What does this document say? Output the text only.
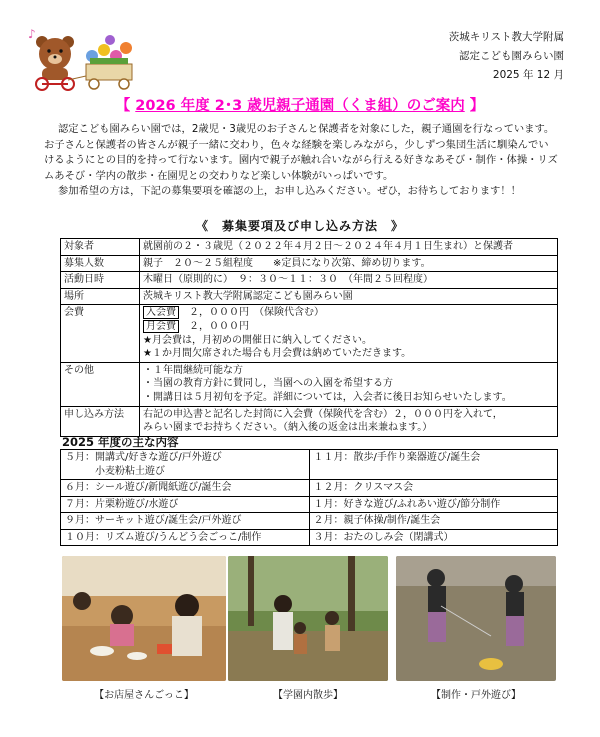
♪	茨城キリスト教大学附属
認定こども園みらい園
2025 年 12 月
【 2026 年度 2･3 歳児親子通園（くま組）のご案内 】

認定こども園みらい園では，2歳児・3歳児のお子さんと保護者を対象にした，親子通園を行なっています。お子さんと保護者の皆さんが親子一緒に交わり，色々な経験を楽しみながら，少しずつ集団生活に馴染んでいけるようにとの目的を持って行ないます。園内で親子が触れ合いながら行える好きなあそび・制作・体操・リズムあそび・学内の散歩・在園児との交わりなど楽しい体験がいっぱいです。

参加希望の方は，下記の募集要項を確認の上，お申し込みください。ぜひ，お待ちしております！！

《　募集要項及び申し込み方法　》
対象者	就園前の２・３歳児（２０２２年４月２日～２０２４年４月１日生まれ）と保護者
募集人数	親子　２０～２５組程度　　※定員になり次第、締め切ります。
活動日時	木曜日（原則的に）　９：３０～１１：３０　（年間２５回程度）
場所	茨城キリスト教大学附属認定こども園みらい園
会費	入会費　 ２，０００円　（保険代含む）
月会費　 ２，０００円
★月会費は，月初めの開催日に納入してください。
★１か月間欠席された場合も月会費は納めていただきます。

その他	・１年間継続可能な方
・当園の教育方針に賛同し，当園への入園を希望する方
・開講日は５月初旬を予定。詳細については，入会者に後日お知らせいたします。

申し込み方法	右記の申込書と記名した封筒に入会費（保険代を含む）２，０００円を入れて，
みらい園までお持ちください。（納入後の返金は出来兼ねます。）
2025 年度の主な内容
５月：開講式/好きな遊び/戸外遊び
　　　小麦粉粘土遊び	１１月：散歩/手作り楽器遊び/誕生会
６月：シール遊び/新聞紙遊び/誕生会	１２月：クリスマス会
７月：片栗粉遊び/水遊び	１月：好きな遊び/ふれあい遊び/節分制作
９月：サーキット遊び/誕生会/戸外遊び	２月：親子体操/制作/誕生会
１０月：リズム遊び/うんどう会ごっこ/制作	３月：おたのしみ会（閉講式）
【お店屋さんごっこ】	【学園内散歩】	【制作・戸外遊び】
